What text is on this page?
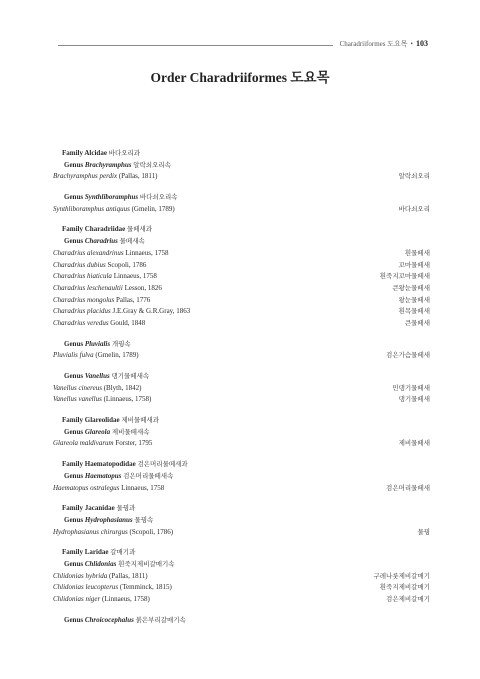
Charadriiformes 도요목 • 103
Order Charadriiformes 도요목
Family Alcidae 바다오리과
Genus Brachyramphus 알락쇠오리속
Brachyramphus perdix (Pallas, 1811)	알락쇠오리
Genus Synthliboramphus 바다쇠오리속
Synthliboramphus antiquus (Gmelin, 1789)	바다쇠오리
Family Charadriidae 물떼새과
Genus Charadrius 물떼새속
Charadrius alexandrinus Linnaeus, 1758	흰물떼새
Charadrius dubius Scopoli, 1786	꼬마물떼새
Charadrius hiaticula Linnaeus, 1758	흰죽지꼬마물떼새
Charadrius leschenaultii Lesson, 1826	큰왕눈물떼새
Charadrius mongolus Pallas, 1776	왕눈물떼새
Charadrius placidus J.E.Gray & G.R.Gray, 1863	흰목물떼새
Charadrius veredus Gould, 1848	큰물떼새
Genus Pluvialis 개꿩속
Pluvialis fulva (Gmelin, 1789)	검은가슴물떼새
Genus Vanellus 댕기물떼새속
Vanellus cinereus (Blyth, 1842)	민댕기물떼새
Vanellus vanellus (Linnaeus, 1758)	댕기물떼새
Family Glareolidae 제비물떼새과
Genus Glareola 제비물떼새속
Glareola maldivarum Forster, 1795	제비물떼새
Family Haematopodidae 검은머리물떼새과
Genus Haematopus 검은머리물떼새속
Haematopus ostralegus Linnaeus, 1758	검은머리물떼새
Family Jacanidae 물꿩과
Genus Hydrophasianus 물꿩속
Hydrophasianus chirurgus (Scopoli, 1786)	물꿩
Family Laridae 갈매기과
Genus Chlidonias 흰죽지제비갈매기속
Chlidonias hybrida (Pallas, 1811)	구레나룻제비갈매기
Chlidonias leucopterus (Temminck, 1815)	흰죽지제비갈매기
Chlidonias niger (Linnaeus, 1758)	검은제비갈매기
Genus Chroicocephalus 붉은부리갈매기속
